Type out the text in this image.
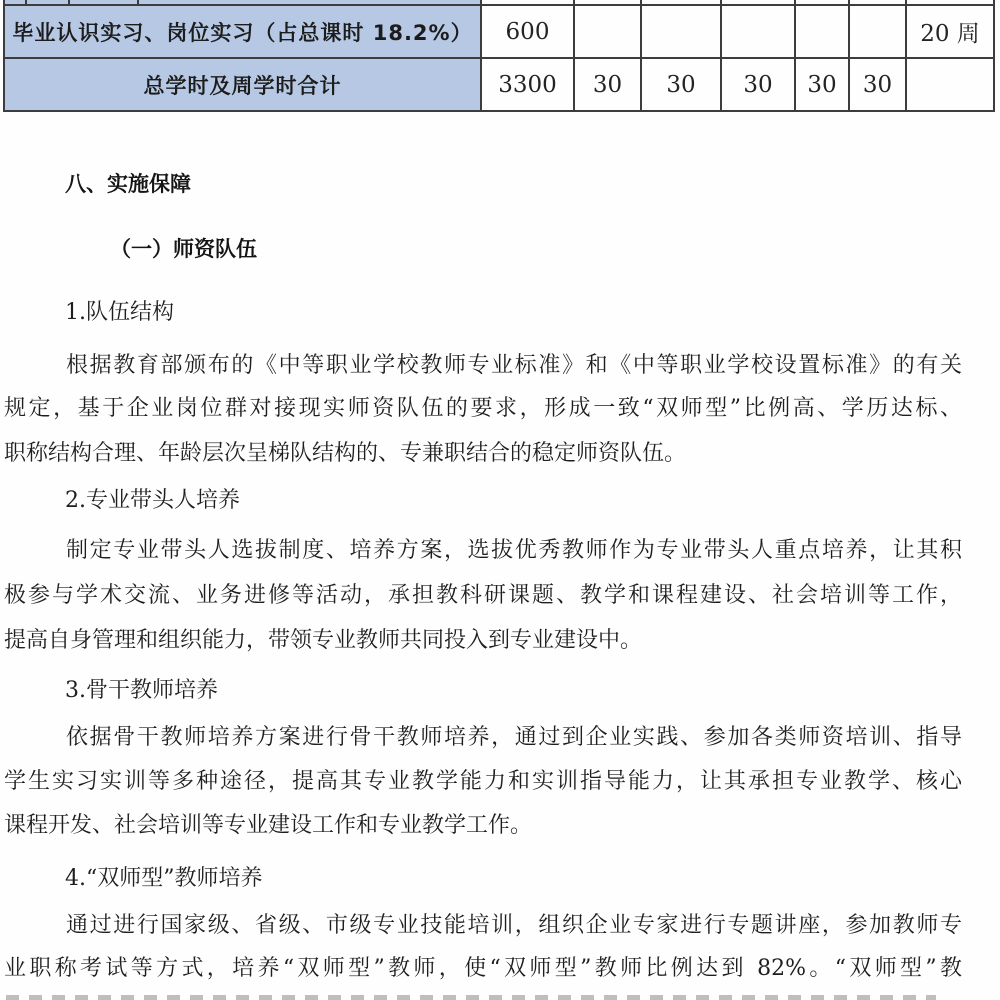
毕业认识实习、岗位实习（占总课时 18.2%）				600						20 周
总学时及周学时合计				3300	30	30	30	30	30	
八、实施保障
（一）师资队伍
1.队伍结构
根据教育部颁布的《中等职业学校教师专业标准》和《中等职业学校设置标准》的有关
规定，基于企业岗位群对接现实师资队伍的要求，形成一致“双师型”比例高、学历达标、
职称结构合理、年龄层次呈梯队结构的、专兼职结合的稳定师资队伍。
2.专业带头人培养
制定专业带头人选拔制度、培养方案，选拔优秀教师作为专业带头人重点培养，让其积
极参与学术交流、业务进修等活动，承担教科研课题、教学和课程建设、社会培训等工作，
提高自身管理和组织能力，带领专业教师共同投入到专业建设中。
3.骨干教师培养
依据骨干教师培养方案进行骨干教师培养，通过到企业实践、参加各类师资培训、指导
学生实习实训等多种途径，提高其专业教学能力和实训指导能力，让其承担专业教学、核心
课程开发、社会培训等专业建设工作和专业教学工作。
4.“双师型”教师培养
通过进行国家级、省级、市级专业技能培训，组织企业专家进行专题讲座，参加教师专
业职称考试等方式，培养“双师型”教师，使“双师型”教师比例达到 82%。“双师型”教
